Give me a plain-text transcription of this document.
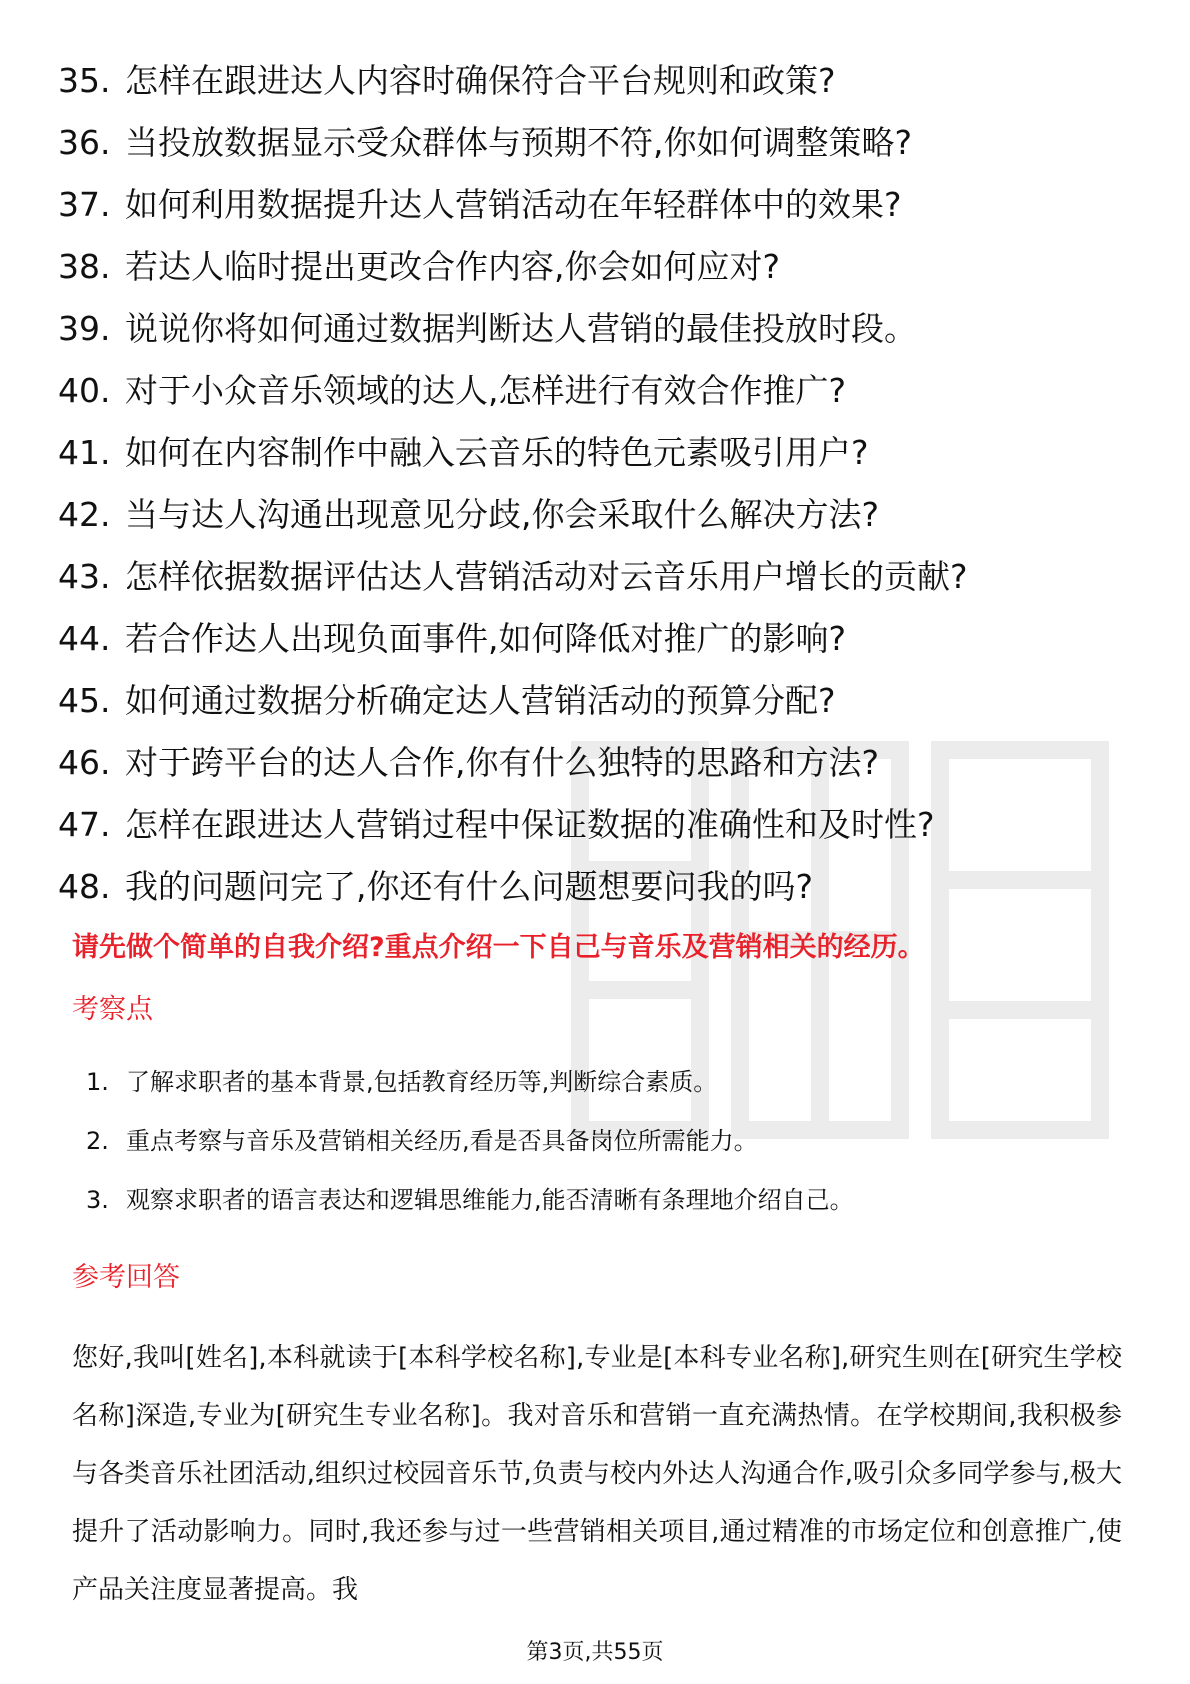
35. 怎样在跟进达人内容时确保符合平台规则和政策?
36. 当投放数据显示受众群体与预期不符,你如何调整策略?
37. 如何利用数据提升达人营销活动在年轻群体中的效果?
38. 若达人临时提出更改合作内容,你会如何应对?
39. 说说你将如何通过数据判断达人营销的最佳投放时段。
40. 对于小众音乐领域的达人,怎样进行有效合作推广?
41. 如何在内容制作中融入云音乐的特色元素吸引用户?
42. 当与达人沟通出现意见分歧,你会采取什么解决方法?
43. 怎样依据数据评估达人营销活动对云音乐用户增长的贡献?
44. 若合作达人出现负面事件,如何降低对推广的影响?
45. 如何通过数据分析确定达人营销活动的预算分配?
46. 对于跨平台的达人合作,你有什么独特的思路和方法?
47. 怎样在跟进达人营销过程中保证数据的准确性和及时性?
48. 我的问题问完了,你还有什么问题想要问我的吗?
请先做个简单的自我介绍?重点介绍一下自己与音乐及营销相关的经历。
考察点
1. 了解求职者的基本背景,包括教育经历等,判断综合素质。
2. 重点考察与音乐及营销相关经历,看是否具备岗位所需能力。
3. 观察求职者的语言表达和逻辑思维能力,能否清晰有条理地介绍自己。
参考回答
您好,我叫[姓名],本科就读于[本科学校名称],专业是[本科专业名称],研究生则在[研究生学校名称]深造,专业为[研究生专业名称]。我对音乐和营销一直充满热情。在学校期间,我积极参与各类音乐社团活动,组织过校园音乐节,负责与校内外达人沟通合作,吸引众多同学参与,极大提升了活动影响力。同时,我还参与过一些营销相关项目,通过精准的市场定位和创意推广,使产品关注度显著提高。我
第3页,共55页
